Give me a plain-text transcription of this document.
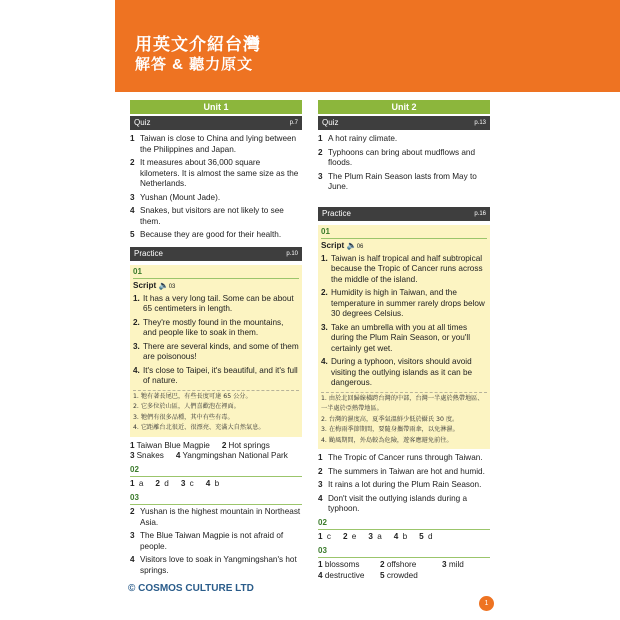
用英文介紹台灣
解答 & 聽力原文
Unit 1
Quiz	p.7
1 Taiwan is close to China and lying between the Philippines and Japan.
2 It measures about 36,000 square kilometers. It is almost the same size as the Netherlands.
3 Yushan (Mount Jade).
4 Snakes, but visitors are not likely to see them.
5 Because they are good for their health.
Practice	p.10
01
Script 🔈03
1. It has a very long tail. Some can be about 65 centimeters in length.
2. They're mostly found in the mountains, and people like to soak in them.
3. There are several kinds, and some of them are poisonous!
4. It's close to Taipei, it's beautiful, and it's full of nature.
1. 牠有著長尾巴，有些長度可達 65 公分。
2. 它多位於山區，人們喜歡泡在裡面。
3. 牠們有很多品種，其中有些有毒。
4. 它距離台北很近、很漂亮、充滿大自然氣息。
1 Taiwan Blue Magpie	2 Hot springs
3 Snakes	4 Yangmingshan National Park
02
1 a	2 d	3 c	4 b
03
2 Yushan is the highest mountain in Northeast Asia.
3 The Blue Taiwan Magpie is not afraid of people.
4 Visitors love to soak in Yangmingshan's hot springs.
Unit 2
Quiz	p.13
1 A hot rainy climate.
2 Typhoons can bring about mudflows and floods.
3 The Plum Rain Season lasts from May to June.
Practice	p.16
01
Script 🔈06
1. Taiwan is half tropical and half subtropical because the Tropic of Cancer runs across the middle of the island.
2. Humidity is high in Taiwan, and the temperature in summer rarely drops below 30 degrees Celsius.
3. Take an umbrella with you at all times during the Plum Rain Season, or you'll certainly get wet.
4. During a typhoon, visitors should avoid visiting the outlying islands as it can be dangerous.
1. 由於北回歸線橫跨台灣的中部，台灣一半處於熱帶地區、一半處於亞熱帶地區。
2. 台灣的濕度高，夏季氣溫鮮少低於攝氏 30 度。
3. 在梅雨季節期間，要隨身攜帶雨傘，以免淋濕。
4. 颱風期間，外島較為危險，遊客應避免前往。
1 The Tropic of Cancer runs through Taiwan.
2 The summers in Taiwan are hot and humid.
3 It rains a lot during the Plum Rain Season.
4 Don't visit the outlying islands during a typhoon.
02
1 c	2 e	3 a	4 b	5 d
03
1 blossoms	2 offshore	3 mild
4 destructive	5 crowded
© COSMOS CULTURE LTD
1
